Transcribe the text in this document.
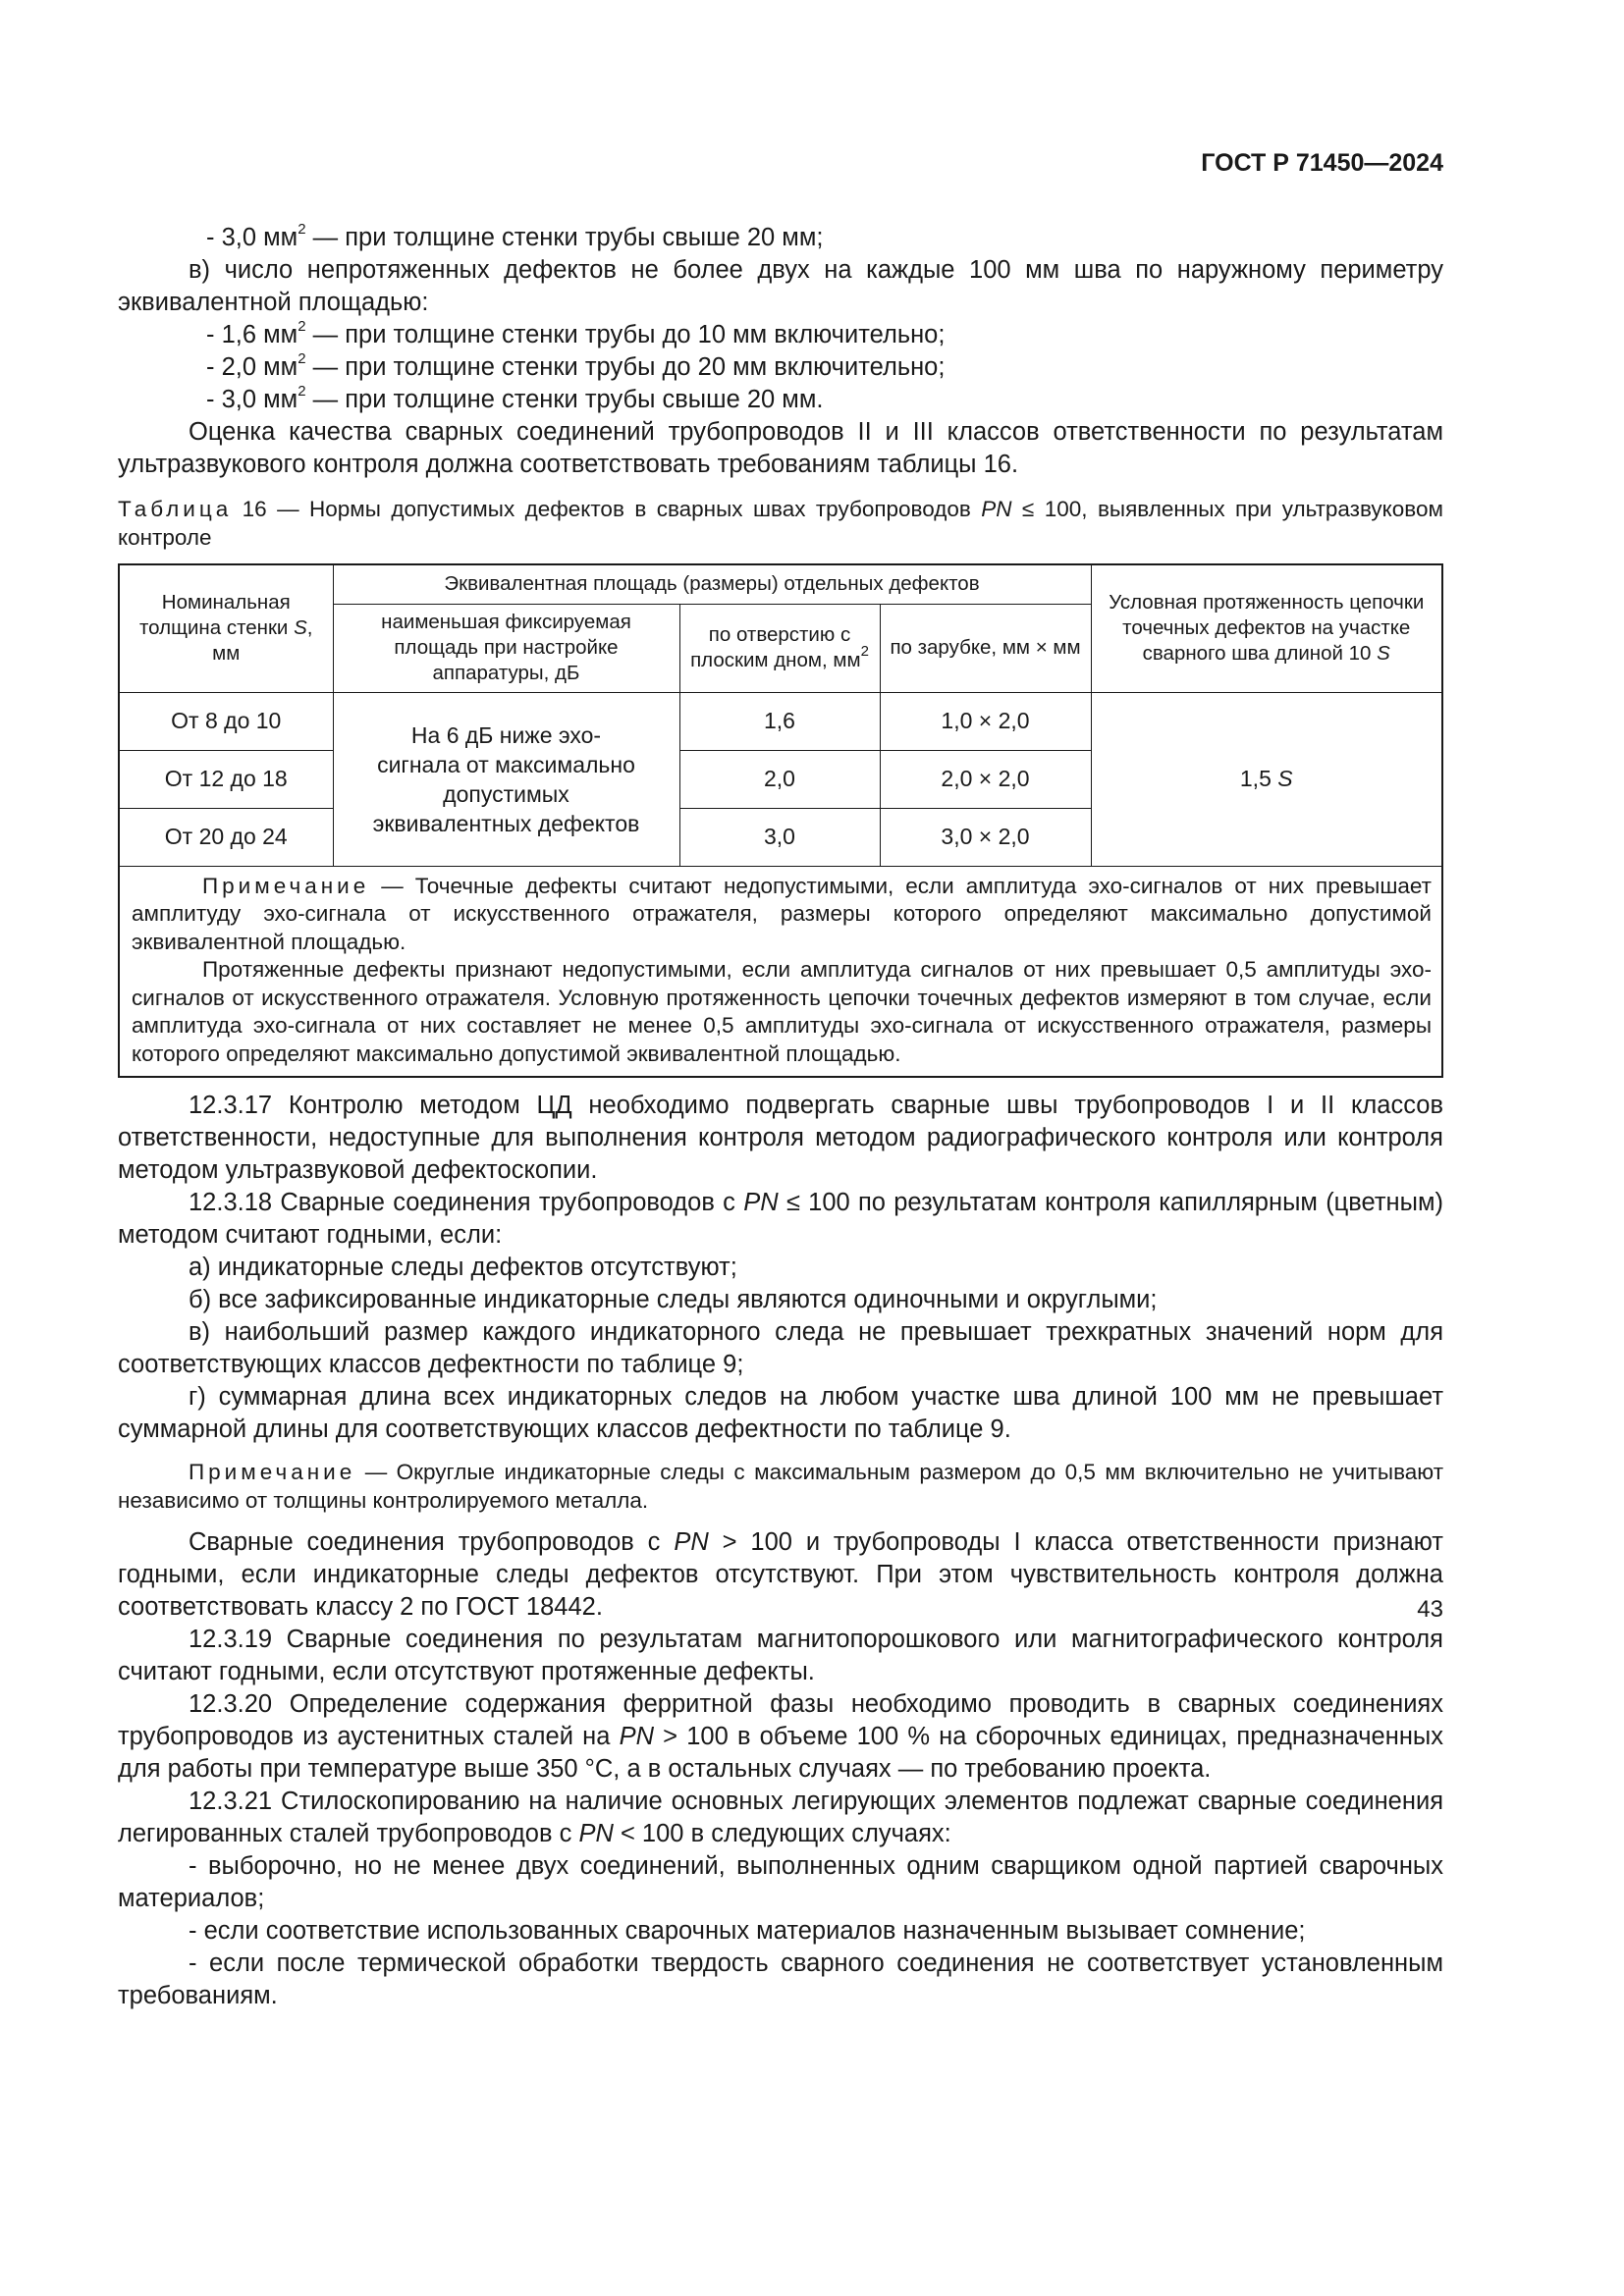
ГОСТ Р 71450—2024

- 3,0 $мм^2$ — при толщине стенки трубы свыше 20 мм;

в) число непротяженных дефектов не более двух на каждые 100 мм шва по наружному периметру эквивалентной площадью:

- 1,6 $мм^2$ — при толщине стенки трубы до 10 мм включительно;

- 2,0 $мм^2$ — при толщине стенки трубы до 20 мм включительно;

- 3,0 $мм^2$ — при толщине стенки трубы свыше 20 мм.

Оценка качества сварных соединений трубопроводов II и III классов ответственности по результатам ультразвукового контроля должна соответствовать требованиям таблицы 16.

Таблица 16 — Нормы допустимых дефектов в сварных швах трубопроводов PN ≤ 100, выявленных при ультразвуковом контроле

Номинальная толщина стенки S, мм	Эквивалентная площадь (размеры) отдельных дефектов			Условная протяженность цепочки точечных дефектов на участке сварного шва длиной 10 S
	наименьшая фиксируемая площадь при настройке аппаратуры, дБ	по отверстию с плоским дном, $мм^2$	по зарубке, мм × мм	
От 8 до 10	На 6 дБ ниже эхо-сигнала от максимально допустимых эквивалентных дефектов	1,6	1,0 × 2,0	1,5 S
От 12 до 18		2,0	2,0 × 2,0	
От 20 до 24		3,0	3,0 × 2,0	

Примечание — Точечные дефекты считают недопустимыми, если амплитуда эхо-сигналов от них превышает амплитуду эхо-сигнала от искусственного отражателя, размеры которого определяют максимально допустимой эквивалентной площадью.

Протяженные дефекты признают недопустимыми, если амплитуда сигналов от них превышает 0,5 амплитуды эхо-сигналов от искусственного отражателя. Условную протяженность цепочки точечных дефектов измеряют в том случае, если амплитуда эхо-сигнала от них составляет не менее 0,5 амплитуды эхо-сигнала от искусственного отражателя, размеры которого определяют максимально допустимой эквивалентной площадью.				

12.3.17 Контролю методом ЦД необходимо подвергать сварные швы трубопроводов I и II классов ответственности, недоступные для выполнения контроля методом радиографического контроля или контроля методом ультразвуковой дефектоскопии.

12.3.18 Сварные соединения трубопроводов с PN ≤ 100 по результатам контроля капиллярным (цветным) методом считают годными, если:

а) индикаторные следы дефектов отсутствуют;

б) все зафиксированные индикаторные следы являются одиночными и округлыми;

в) наибольший размер каждого индикаторного следа не превышает трехкратных значений норм для соответствующих классов дефектности по таблице 9;

г) суммарная длина всех индикаторных следов на любом участке шва длиной 100 мм не превышает суммарной длины для соответствующих классов дефектности по таблице 9.

Примечание — Округлые индикаторные следы с максимальным размером до 0,5 мм включительно не учитывают независимо от толщины контролируемого металла.

Сварные соединения трубопроводов с PN > 100 и трубопроводы I класса ответственности признают годными, если индикаторные следы дефектов отсутствуют. При этом чувствительность контроля должна соответствовать классу 2 по ГОСТ 18442.

12.3.19 Сварные соединения по результатам магнитопорошкового или магнитографического контроля считают годными, если отсутствуют протяженные дефекты.

12.3.20 Определение содержания ферритной фазы необходимо проводить в сварных соединениях трубопроводов из аустенитных сталей на PN > 100 в объеме 100 % на сборочных единицах, предназначенных для работы при температуре выше 350 °С, а в остальных случаях — по требованию проекта.

12.3.21 Стилоскопированию на наличие основных легирующих элементов подлежат сварные соединения легированных сталей трубопроводов с PN < 100 в следующих случаях:

- выборочно, но не менее двух соединений, выполненных одним сварщиком одной партией сварочных материалов;

- если соответствие использованных сварочных материалов назначенным вызывает сомнение;

- если после термической обработки твердость сварного соединения не соответствует установленным требованиям.

43
